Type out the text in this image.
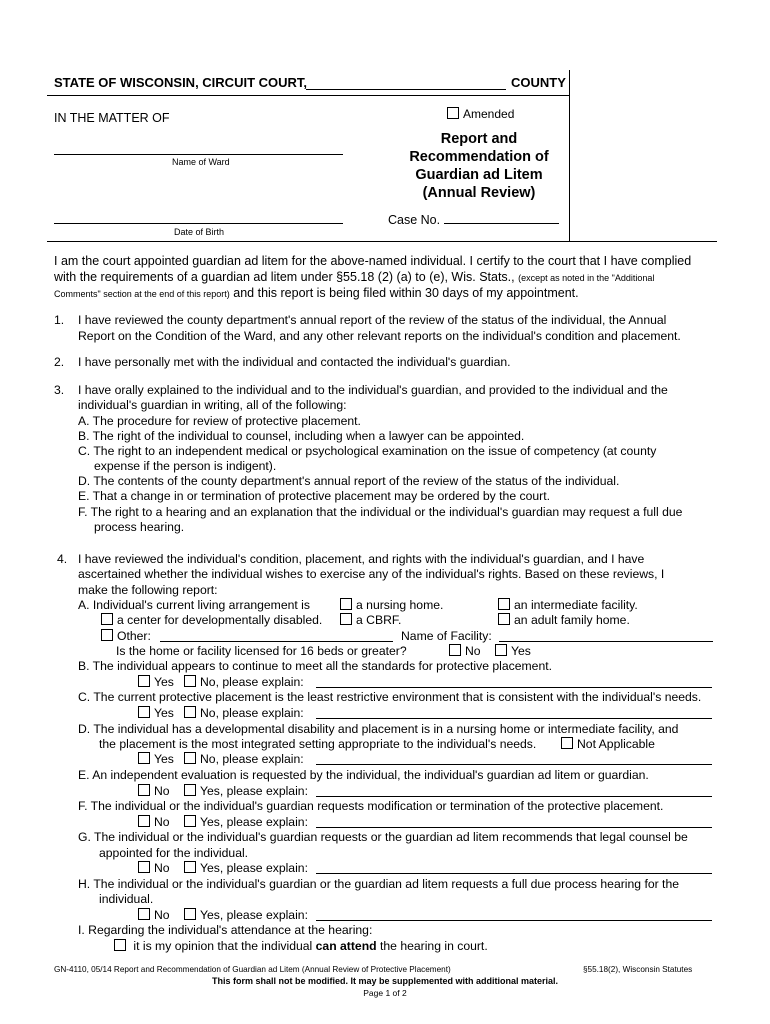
STATE OF WISCONSIN, CIRCUIT COURT,	COUNTY
IN THE MATTER OF
Name of Ward
Date of Birth
Amended
Report and
Recommendation of
Guardian ad Litem
(Annual Review)
Case No.
I am the court appointed guardian ad litem for the above-named individual. I certify to the court that I have complied
with the requirements of a guardian ad litem under §55.18 (2) (a) to (e), Wis. Stats., (except as noted in the "Additional
Comments" section at the end of this report) and this report is being filed within 30 days of my appointment.
1. I have reviewed the county department's annual report of the review of the status of the individual, the Annual
Report on the Condition of the Ward, and any other relevant reports on the individual's condition and placement.
2. I have personally met with the individual and contacted the individual's guardian.
3. I have orally explained to the individual and to the individual's guardian, and provided to the individual and the
individual's guardian in writing, all of the following:
A. The procedure for review of protective placement.
B. The right of the individual to counsel, including when a lawyer can be appointed.
C. The right to an independent medical or psychological examination on the issue of competency (at county
expense if the person is indigent).
D. The contents of the county department's annual report of the review of the status of the individual.
E. That a change in or termination of protective placement may be ordered by the court.
F. The right to a hearing and an explanation that the individual or the individual's guardian may request a full due
process hearing.
4. I have reviewed the individual's condition, placement, and rights with the individual's guardian, and I have
ascertained whether the individual wishes to exercise any of the individual's rights. Based on these reviews, I
make the following report:
A. Individual's current living arrangement is	a nursing home.	an intermediate facility.
a center for developmentally disabled.	a CBRF.	an adult family home.
Other:	Name of Facility:
Is the home or facility licensed for 16 beds or greater?	No	Yes
B. The individual appears to continue to meet all the standards for protective placement.
Yes	No, please explain:
C. The current protective placement is the least restrictive environment that is consistent with the individual's needs.
Yes	No, please explain:
D. The individual has a developmental disability and placement is in a nursing home or intermediate facility, and
the placement is the most integrated setting appropriate to the individual's needs.	Not Applicable
Yes	No, please explain:
E. An independent evaluation is requested by the individual, the individual's guardian ad litem or guardian.
No	Yes, please explain:
F. The individual or the individual's guardian requests modification or termination of the protective placement.
No	Yes, please explain:
G. The individual or the individual's guardian requests or the guardian ad litem recommends that legal counsel be
appointed for the individual.
No	Yes, please explain:
H. The individual or the individual's guardian or the guardian ad litem requests a full due process hearing for the
individual.
No	Yes, please explain:
I. Regarding the individual's attendance at the hearing:
it is my opinion that the individual can attend the hearing in court.
GN-4110, 05/14 Report and Recommendation of Guardian ad Litem (Annual Review of Protective Placement)	§55.18(2), Wisconsin Statutes
This form shall not be modified. It may be supplemented with additional material.
Page 1 of 2
